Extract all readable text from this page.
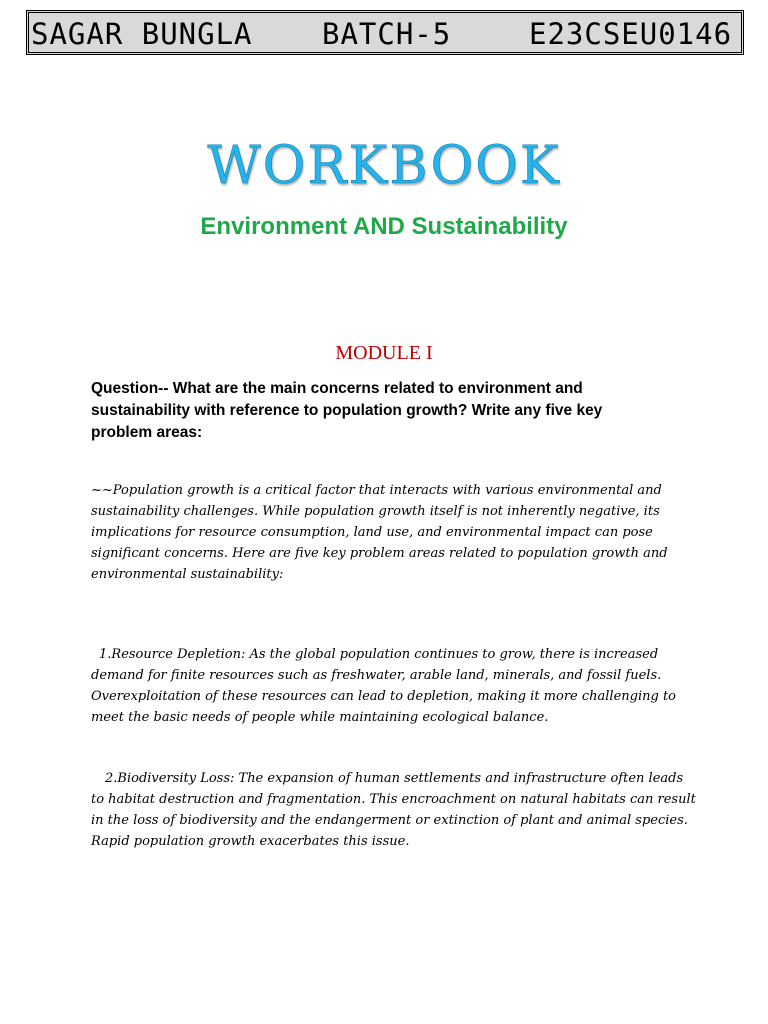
SAGAR BUNGLA BATCH-5	E23CSEU0146
WORKBOOK
Environment AND Sustainability
MODULE I
Question-- What are the main concerns related to environment and sustainability with reference to population growth? Write any five key problem areas:
~~Population growth is a critical factor that interacts with various environmental and sustainability challenges. While population growth itself is not inherently negative, its implications for resource consumption, land use, and environmental impact can pose significant concerns. Here are five key problem areas related to population growth and environmental sustainability:
1.Resource Depletion: As the global population continues to grow, there is increased demand for finite resources such as freshwater, arable land, minerals, and fossil fuels. Overexploitation of these resources can lead to depletion, making it more challenging to meet the basic needs of people while maintaining ecological balance.
2.Biodiversity Loss: The expansion of human settlements and infrastructure often leads to habitat destruction and fragmentation. This encroachment on natural habitats can result in the loss of biodiversity and the endangerment or extinction of plant and animal species. Rapid population growth exacerbates this issue.
